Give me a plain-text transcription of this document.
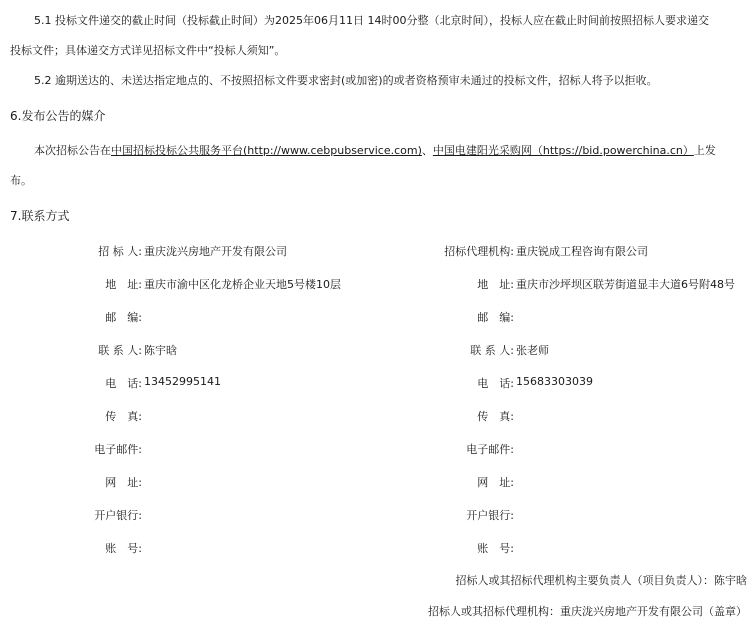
5.1 投标文件递交的截止时间（投标截止时间）为2025年06月11日 14时00分整（北京时间），投标人应在截止时间前按照招标人要求递交
投标文件；具体递交方式详见招标文件中“投标人须知”。
5.2 逾期送达的、未送达指定地点的、不按照招标文件要求密封(或加密)的或者资格预审未通过的投标文件，招标人将予以拒收。
6.发布公告的媒介
本次招标公告在中国招标投标公共服务平台(http://www.cebpubservice.com)、中国电建阳光采购网（https://bid.powerchina.cn）上发
布。
7.联系方式
招 标 人: 重庆泷兴房地产开发有限公司
地　址: 重庆市渝中区化龙桥企业天地5号楼10层
邮　编:
联 系 人: 陈宇晗
电　话: 13452995141
传　真:
电子邮件:
网　址:
开户银行:
账　号:
招标代理机构: 重庆锐成工程咨询有限公司
地　址: 重庆市沙坪坝区联芳街道显丰大道6号附48号
邮　编:
联 系 人: 张老师
电　话: 15683303039
传　真:
电子邮件:
网　址:
开户银行:
账　号:
招标人或其招标代理机构主要负责人（项目负责人）：陈宇晗
招标人或其招标代理机构：重庆泷兴房地产开发有限公司（盖章）
